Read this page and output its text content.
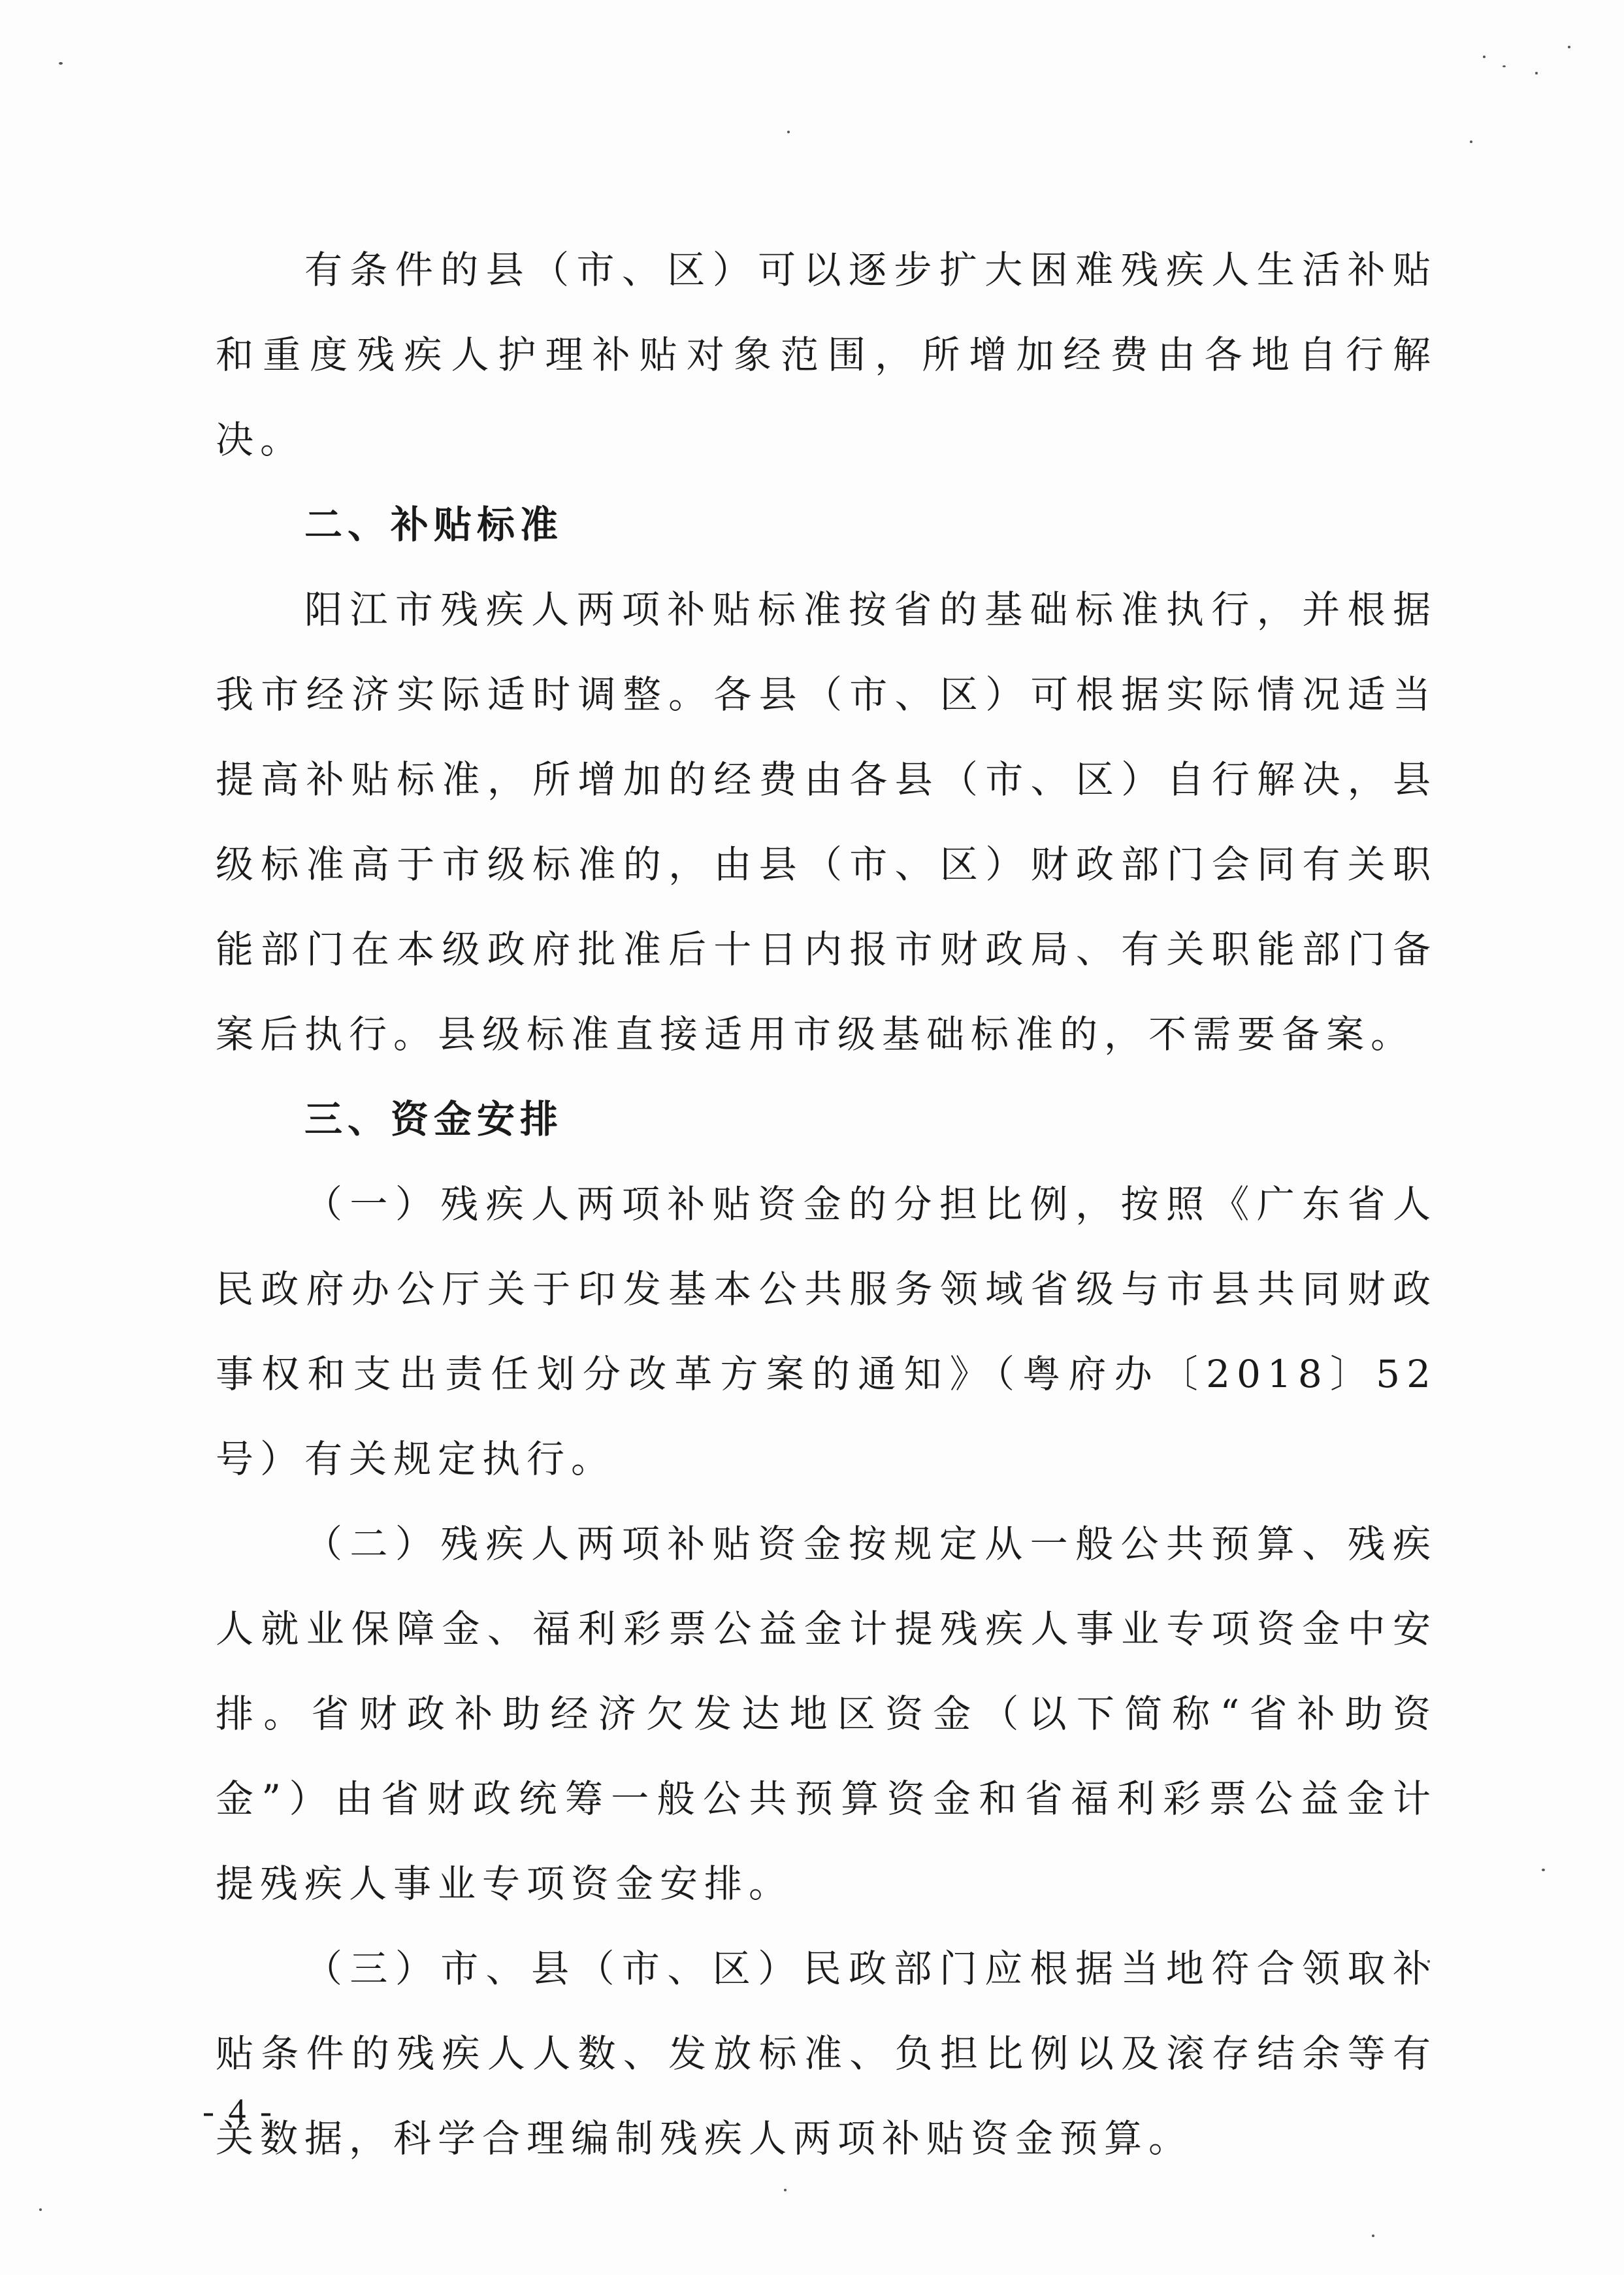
有条件的县（市、区）可以逐步扩大困难残疾人生活补贴和重度残疾人护理补贴对象范围，所增加经费由各地自行解决。

二、补贴标准

阳江市残疾人两项补贴标准按省的基础标准执行，并根据我市经济实际适时调整。各县（市、区）可根据实际情况适当提高补贴标准，所增加的经费由各县（市、区）自行解决，县级标准高于市级标准的，由县（市、区）财政部门会同有关职能部门在本级政府批准后十日内报市财政局、有关职能部门备案后执行。县级标准直接适用市级基础标准的，不需要备案。

三、资金安排

（一）残疾人两项补贴资金的分担比例，按照《广东省人民政府办公厅关于印发基本公共服务领域省级与市县共同财政事权和支出责任划分改革方案的通知》（粤府办〔2018〕52号）有关规定执行。

（二）残疾人两项补贴资金按规定从一般公共预算、残疾人就业保障金、福利彩票公益金计提残疾人事业专项资金中安排。省财政补助经济欠发达地区资金（以下简称“省补助资金”）由省财政统筹一般公共预算资金和省福利彩票公益金计提残疾人事业专项资金安排。

（三）市、县（市、区）民政部门应根据当地符合领取补贴条件的残疾人人数、发放标准、负担比例以及滚存结余等有关数据，科学合理编制残疾人两项补贴资金预算。

- 4 -
